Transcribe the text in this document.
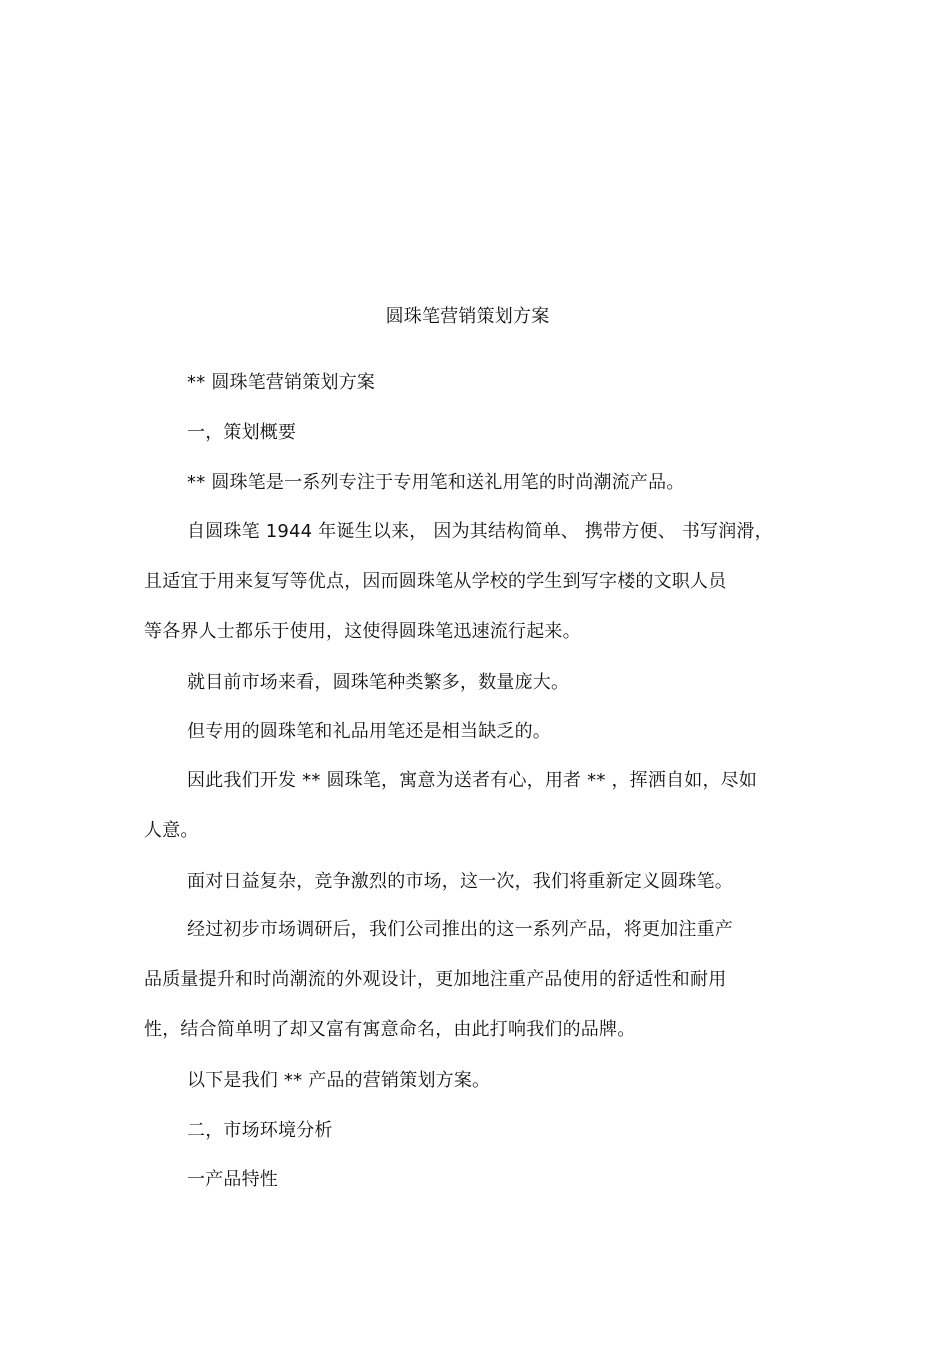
圆珠笔营销策划方案
** 圆珠笔营销策划方案
一，策划概要
** 圆珠笔是一系列专注于专用笔和送礼用笔的时尚潮流产品。
自圆珠笔 1944 年诞生以来， 因为其结构简单、 携带方便、 书写润滑，
且适宜于用来复写等优点，因而圆珠笔从学校的学生到写字楼的文职人员
等各界人士都乐于使用，这使得圆珠笔迅速流行起来。
就目前市场来看，圆珠笔种类繁多，数量庞大。
但专用的圆珠笔和礼品用笔还是相当缺乏的。
因此我们开发 ** 圆珠笔，寓意为送者有心，用者 ** ，挥洒自如，尽如
人意。
面对日益复杂，竞争激烈的市场，这一次，我们将重新定义圆珠笔。
经过初步市场调研后，我们公司推出的这一系列产品，将更加注重产
品质量提升和时尚潮流的外观设计，更加地注重产品使用的舒适性和耐用
性，结合简单明了却又富有寓意命名，由此打响我们的品牌。
以下是我们 ** 产品的营销策划方案。
二，市场环境分析
一产品特性
